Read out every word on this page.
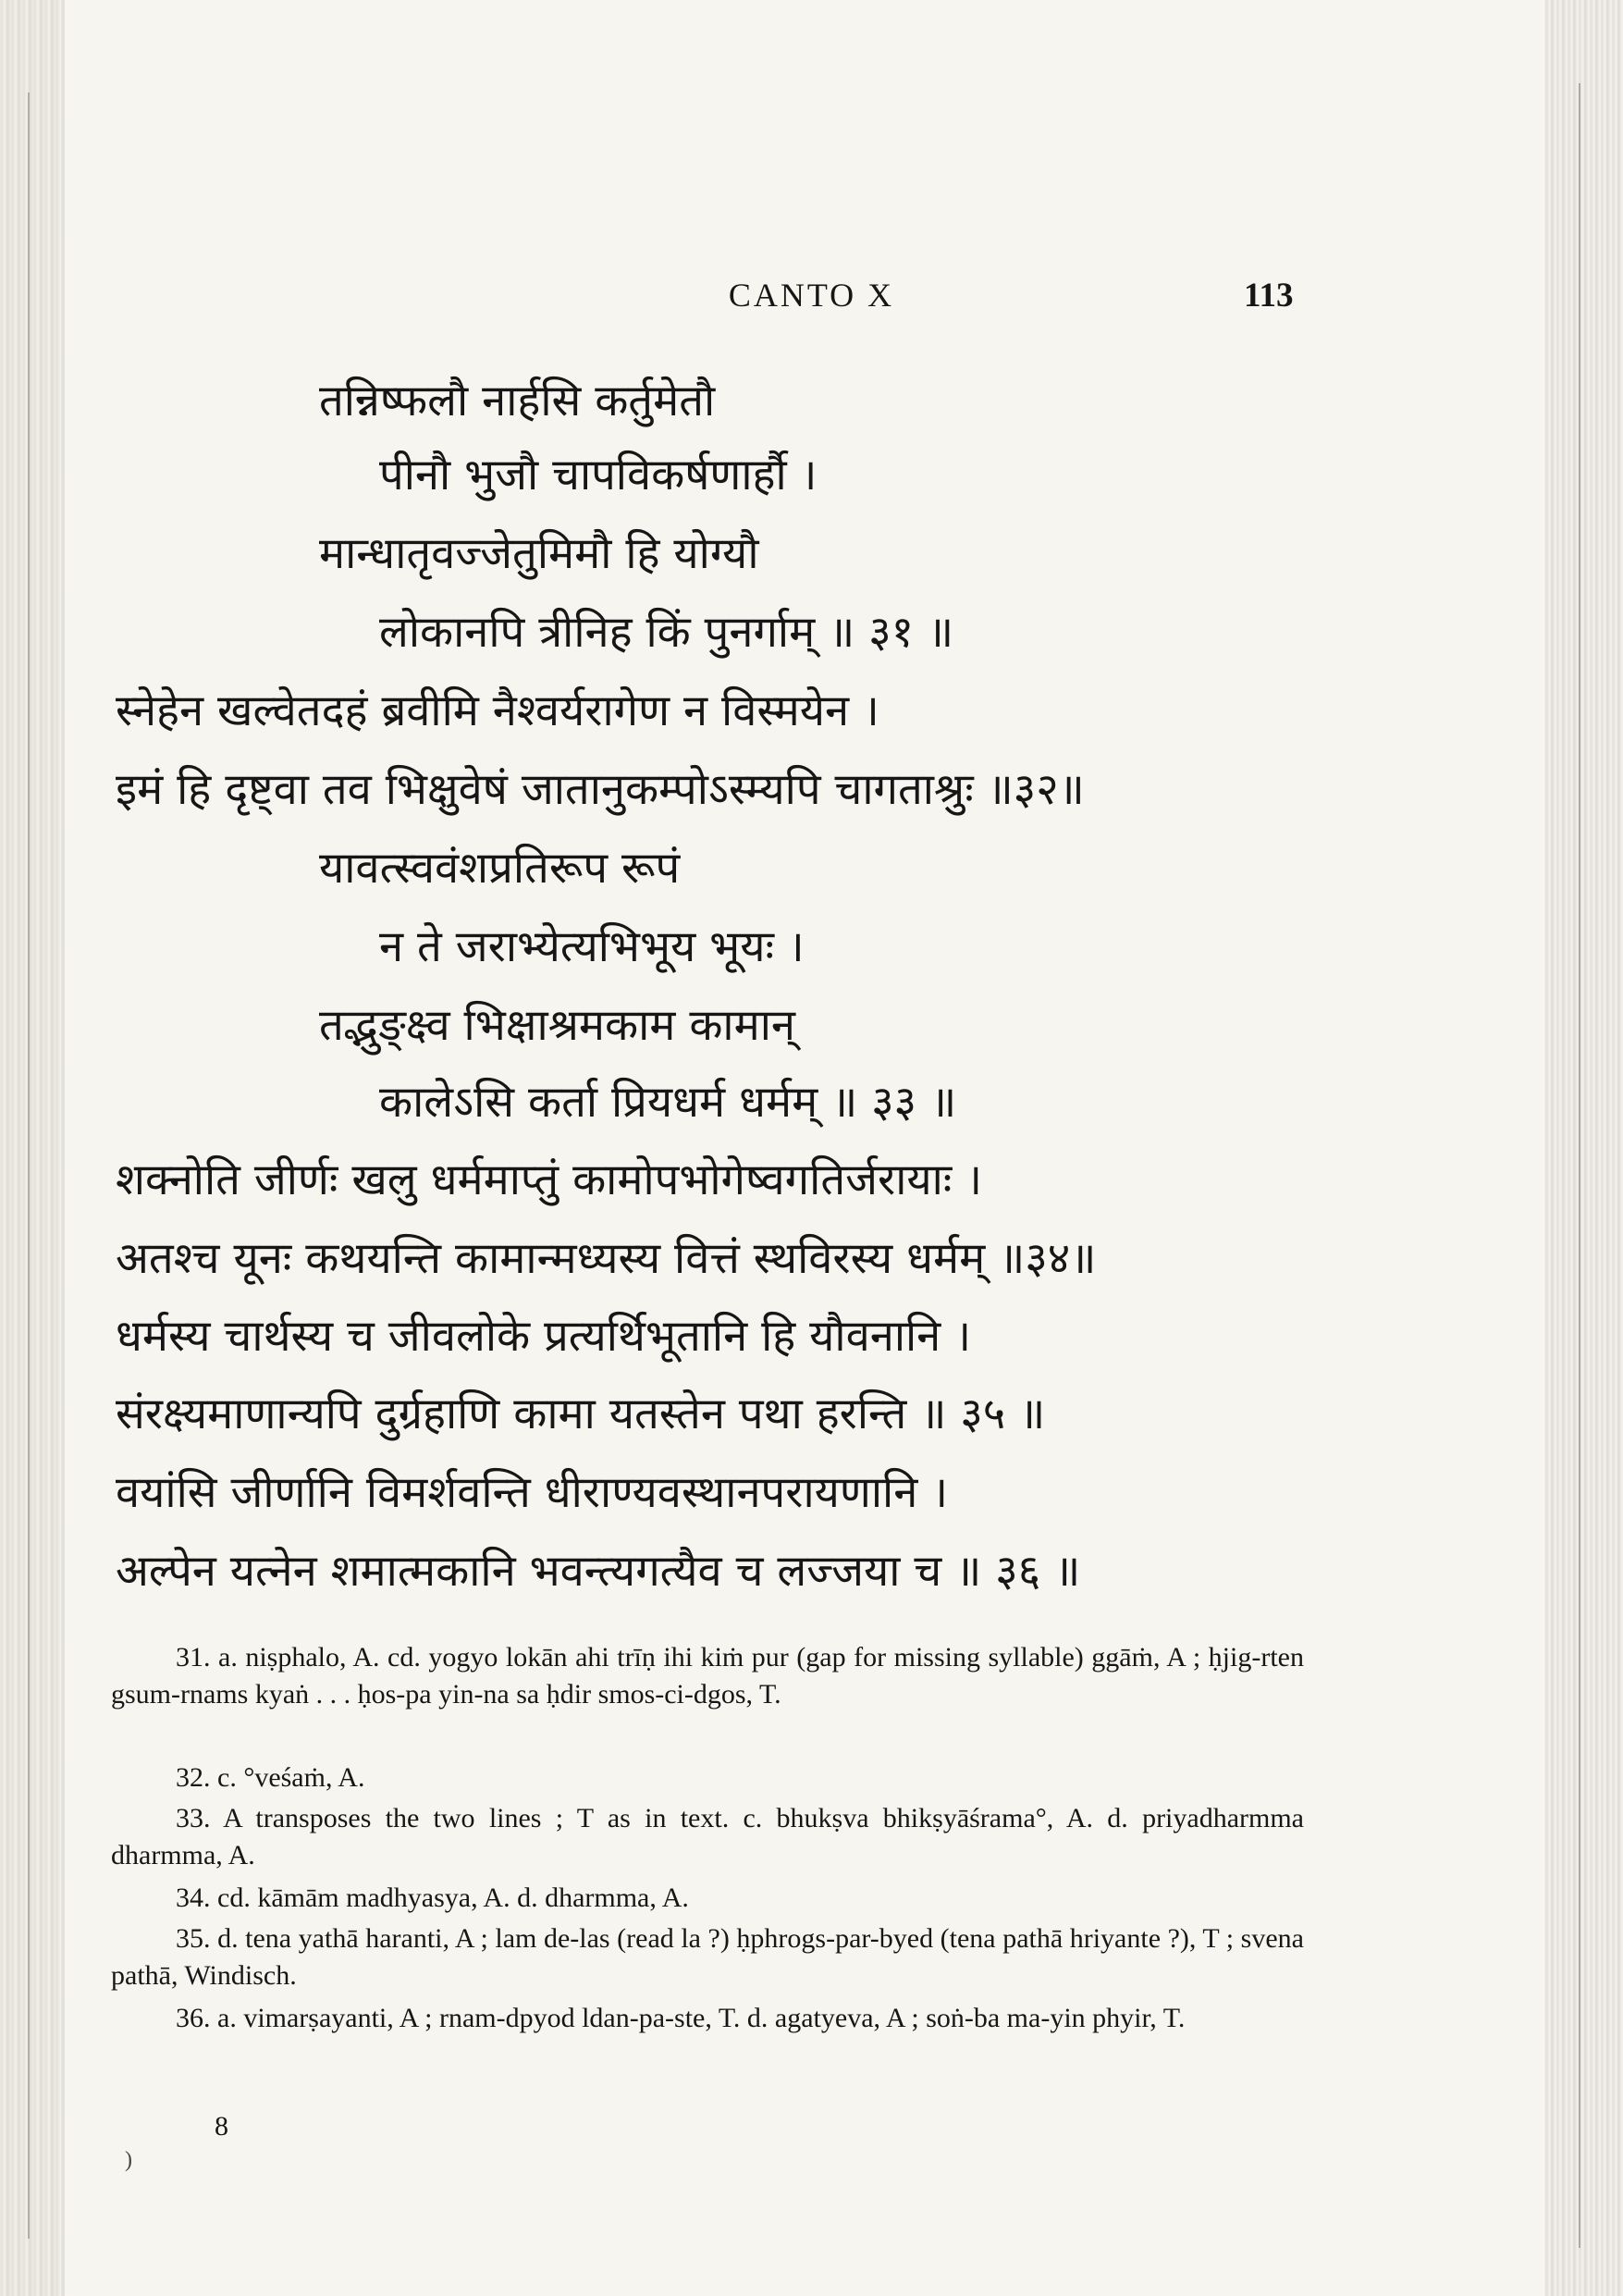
CANTO X	113
तन्निष्फलौ नार्हसि कर्तुमेतौ
पीनौ भुजौ चापविकर्षणार्हौ ।
मान्धातृवज्जेतुमिमौ हि योग्यौ
लोकानपि त्रीनिह किं पुनर्गाम् ॥ ३१ ॥
स्नेहेन खल्वेतदहं ब्रवीमि नैश्वर्यरागेण न विस्मयेन ।
इमं हि दृष्ट्वा तव भिक्षुवेषं जातानुकम्पोऽस्म्यपि चागताश्रुः ॥३२॥
यावत्स्ववंशप्रतिरूप रूपं
न ते जराभ्येत्यभिभूय भूयः ।
तद्भुङ्क्ष्व भिक्षाश्रमकाम कामान्
कालेऽसि कर्ता प्रियधर्म धर्मम् ॥ ३३ ॥
शक्नोति जीर्णः खलु धर्ममाप्तुं कामोपभोगेष्वगतिर्जरायाः ।
अतश्च यूनः कथयन्ति कामान्मध्यस्य वित्तं स्थविरस्य धर्मम् ॥३४॥
धर्मस्य चार्थस्य च जीवलोके प्रत्यर्थिभूतानि हि यौवनानि ।
संरक्ष्यमाणान्यपि दुर्ग्रहाणि कामा यतस्तेन पथा हरन्ति ॥ ३५ ॥
वयांसि जीर्णानि विमर्शवन्ति धीराण्यवस्थानपरायणानि ।
अल्पेन यत्नेन शमात्मकानि भवन्त्यगत्यैव च लज्जया च ॥ ३६ ॥
31. a. niṣphalo, A. cd. yogyo lokān ahi trīṇ ihi kiṁ pur (gap for missing syllable) ggāṁ, A ; ḥjig-rten gsum-rnams kyaṅ . . . ḥos-pa yin-na sa ḥdir smos-ci-dgos, T.
32. c. °veśaṁ, A.
33. A transposes the two lines ; T as in text. c. bhukṣva bhikṣyāśrama°, A. d. priyadharmma dharmma, A.
34. cd. kāmām madhyasya, A. d. dharmma, A.
35. d. tena yathā haranti, A ; lam de-las (read la ?) ḥphrogs-par-byed (tena pathā hriyante ?), T ; svena pathā, Windisch.
36. a. vimarṣayanti, A ; rnam-dpyod ldan-pa-ste, T. d. agatyeva, A ; soṅ-ba ma-yin phyir, T.
8
)
